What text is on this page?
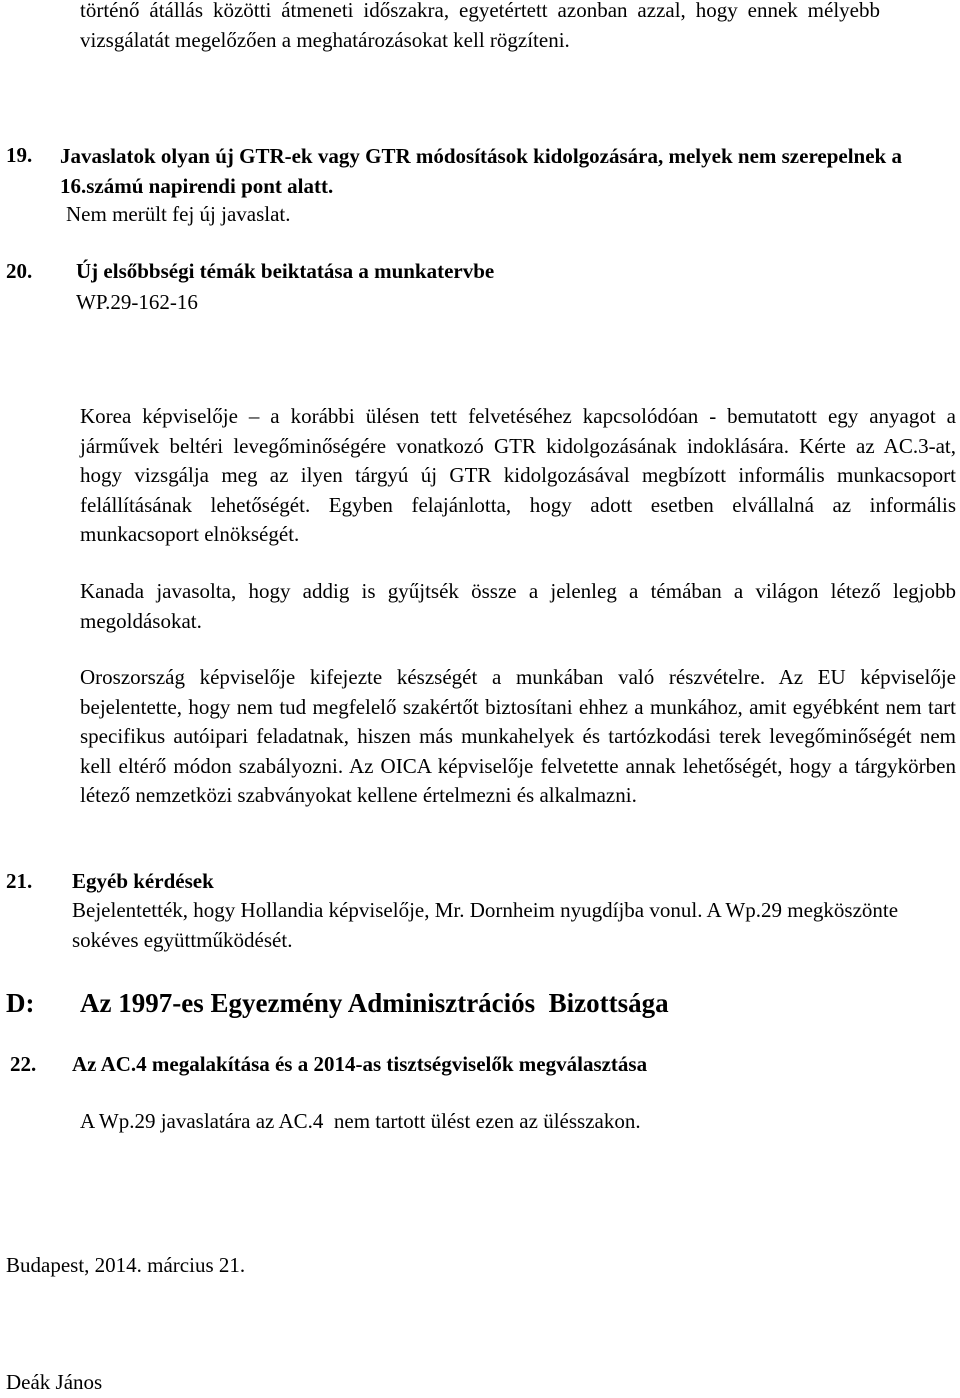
történő átállás közötti átmeneti időszakra, egyetértett azonban azzal, hogy ennek mélyebb vizsgálatát megelőzően a meghatározásokat kell rögzíteni.

19. Javaslatok olyan új GTR-ek vagy GTR módosítások kidolgozására, melyek nem szerepelnek a 16.számú napirendi pont alatt.

Nem merült fej új javaslat.

20. Új elsőbbségi témák beiktatása a munkatervbe

WP.29-162-16

Korea képviselője – a korábbi ülésen tett felvetéséhez kapcsolódóan - bemutatott egy anyagot a járművek beltéri levegőminőségére vonatkozó GTR kidolgozásának indoklására. Kérte az AC.3-at, hogy vizsgálja meg az ilyen tárgyú új GTR kidolgozásával megbízott informális munkacsoport felállításának lehetőségét. Egyben felajánlotta, hogy adott esetben elvállalná az informális munkacsoport elnökségét.

Kanada javasolta, hogy addig is gyűjtsék össze a jelenleg a témában a világon létező legjobb megoldásokat.

Oroszország képviselője kifejezte készségét a munkában való részvételre. Az EU képviselője bejelentette, hogy nem tud megfelelő szakértőt biztosítani ehhez a munkához, amit egyébként nem tart specifikus autóipari feladatnak, hiszen más munkahelyek és tartózkodási terek levegőminőségét nem kell eltérő módon szabályozni. Az OICA képviselője felvetette annak lehetőségét, hogy a tárgykörben létező nemzetközi szabványokat kellene értelmezni és alkalmazni.

21. Egyéb kérdések

Bejelentették, hogy Hollandia képviselője, Mr. Dornheim nyugdíjba vonul. A Wp.29 megköszönte sokéves együttműködését.

D: Az 1997-es Egyezmény Adminisztrációs  Bizottsága

22. Az AC.4 megalakítása és a 2014-as tisztségviselők megválasztása

A Wp.29 javaslatára az AC.4  nem tartott ülést ezen az ülésszakon.

Budapest, 2014. március 21.

Deák János
